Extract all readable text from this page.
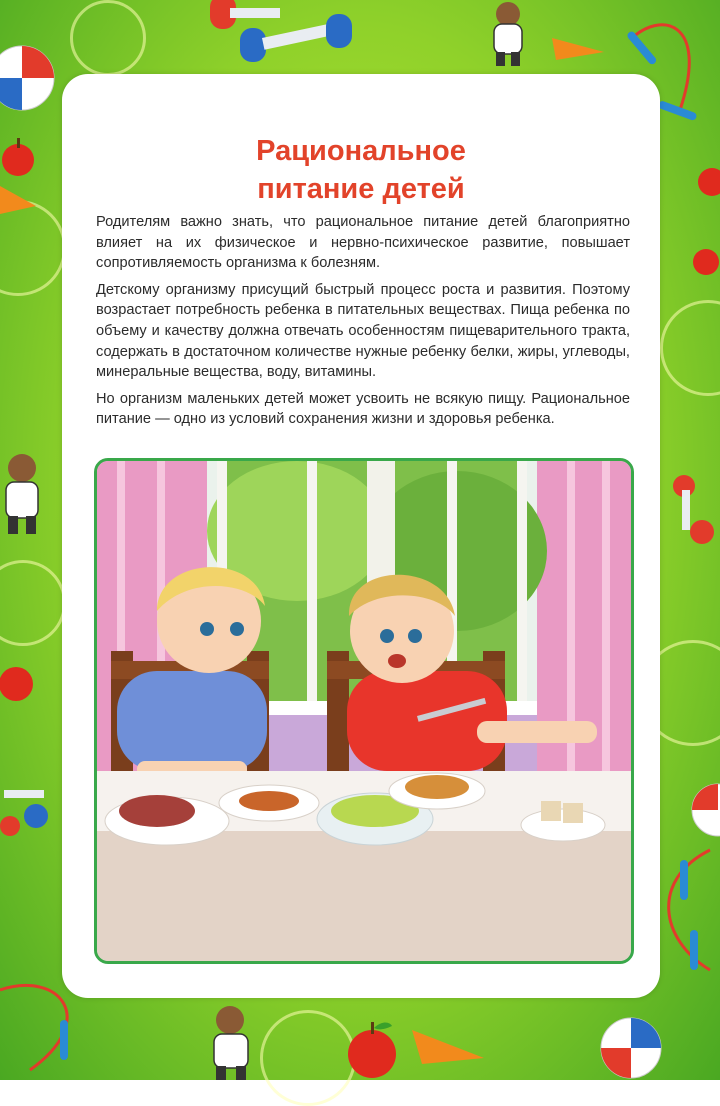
Рациональное
питание детей

Родителям важно знать, что рациональное питание детей благоприятно влияет на их физическое и нервно-психическое развитие, повышает сопротивляемость организма к болезням.

Детскому организму присущий быстрый процесс роста и развития. Поэтому возрастает потребность ребенка в питательных веществах. Пища ребенка по объему и качеству должна отвечать особенностям пищеварительного тракта, содержать в достаточном количестве нужные ребенку белки, жиры, углеводы, минеральные вещества, воду, витамины.

Но организм маленьких детей может усвоить не всякую пищу. Рациональное питание — одно из условий сохранения жизни и здоровья ребенка.
